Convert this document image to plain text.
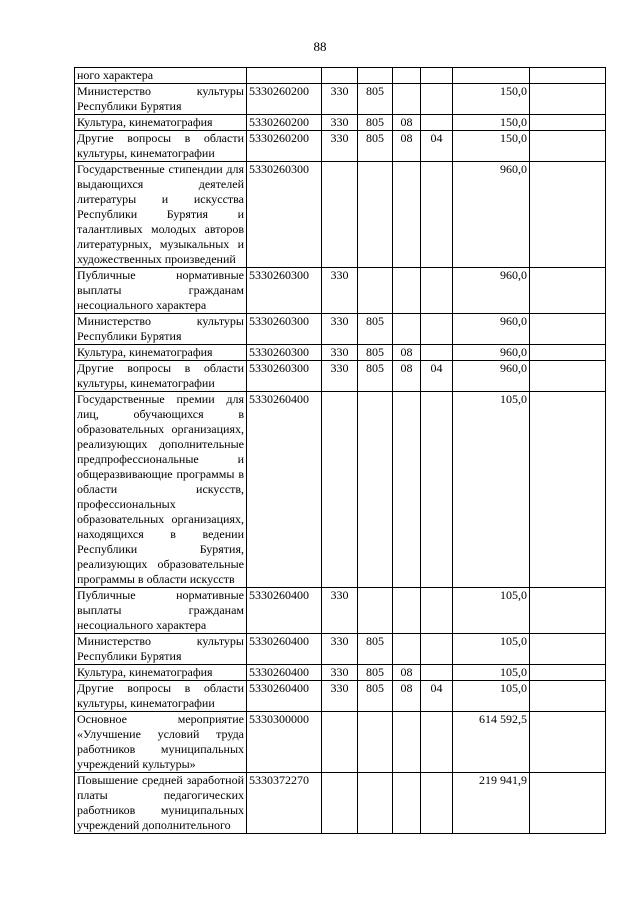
88
ного характера							
Министерство культуры Республики Бурятия	5330260200	330	805			150,0	
Культура, кинематография	5330260200	330	805	08		150,0	
Другие вопросы в области культуры, кинематографии	5330260200	330	805	08	04	150,0	
Государственные стипендии для выдающихся деятелей литературы и искусства Республики Бурятия и талантливых молодых авторов литературных, музыкальных и художественных произведений	5330260300					960,0	
Публичные нормативные выплаты гражданам несоциального характера	5330260300	330				960,0	
Министерство культуры Республики Бурятия	5330260300	330	805			960,0	
Культура, кинематография	5330260300	330	805	08		960,0	
Другие вопросы в области культуры, кинематографии	5330260300	330	805	08	04	960,0	
Государственные премии для лиц, обучающихся в образовательных организациях, реализующих дополнительные предпрофессиональные и общеразвивающие программы в области искусств, профессиональных образовательных организациях, находящихся в ведении Республики Бурятия, реализующих образовательные программы в области искусств	5330260400					105,0	
Публичные нормативные выплаты гражданам несоциального характера	5330260400	330				105,0	
Министерство культуры Республики Бурятия	5330260400	330	805			105,0	
Культура, кинематография	5330260400	330	805	08		105,0	
Другие вопросы в области культуры, кинематографии	5330260400	330	805	08	04	105,0	
Основное мероприятие «Улучшение условий труда работников муниципальных учреждений культуры»	5330300000					614 592,5	
Повышение средней заработной платы педагогических работников муниципальных учреждений дополнительного	5330372270					219 941,9	
